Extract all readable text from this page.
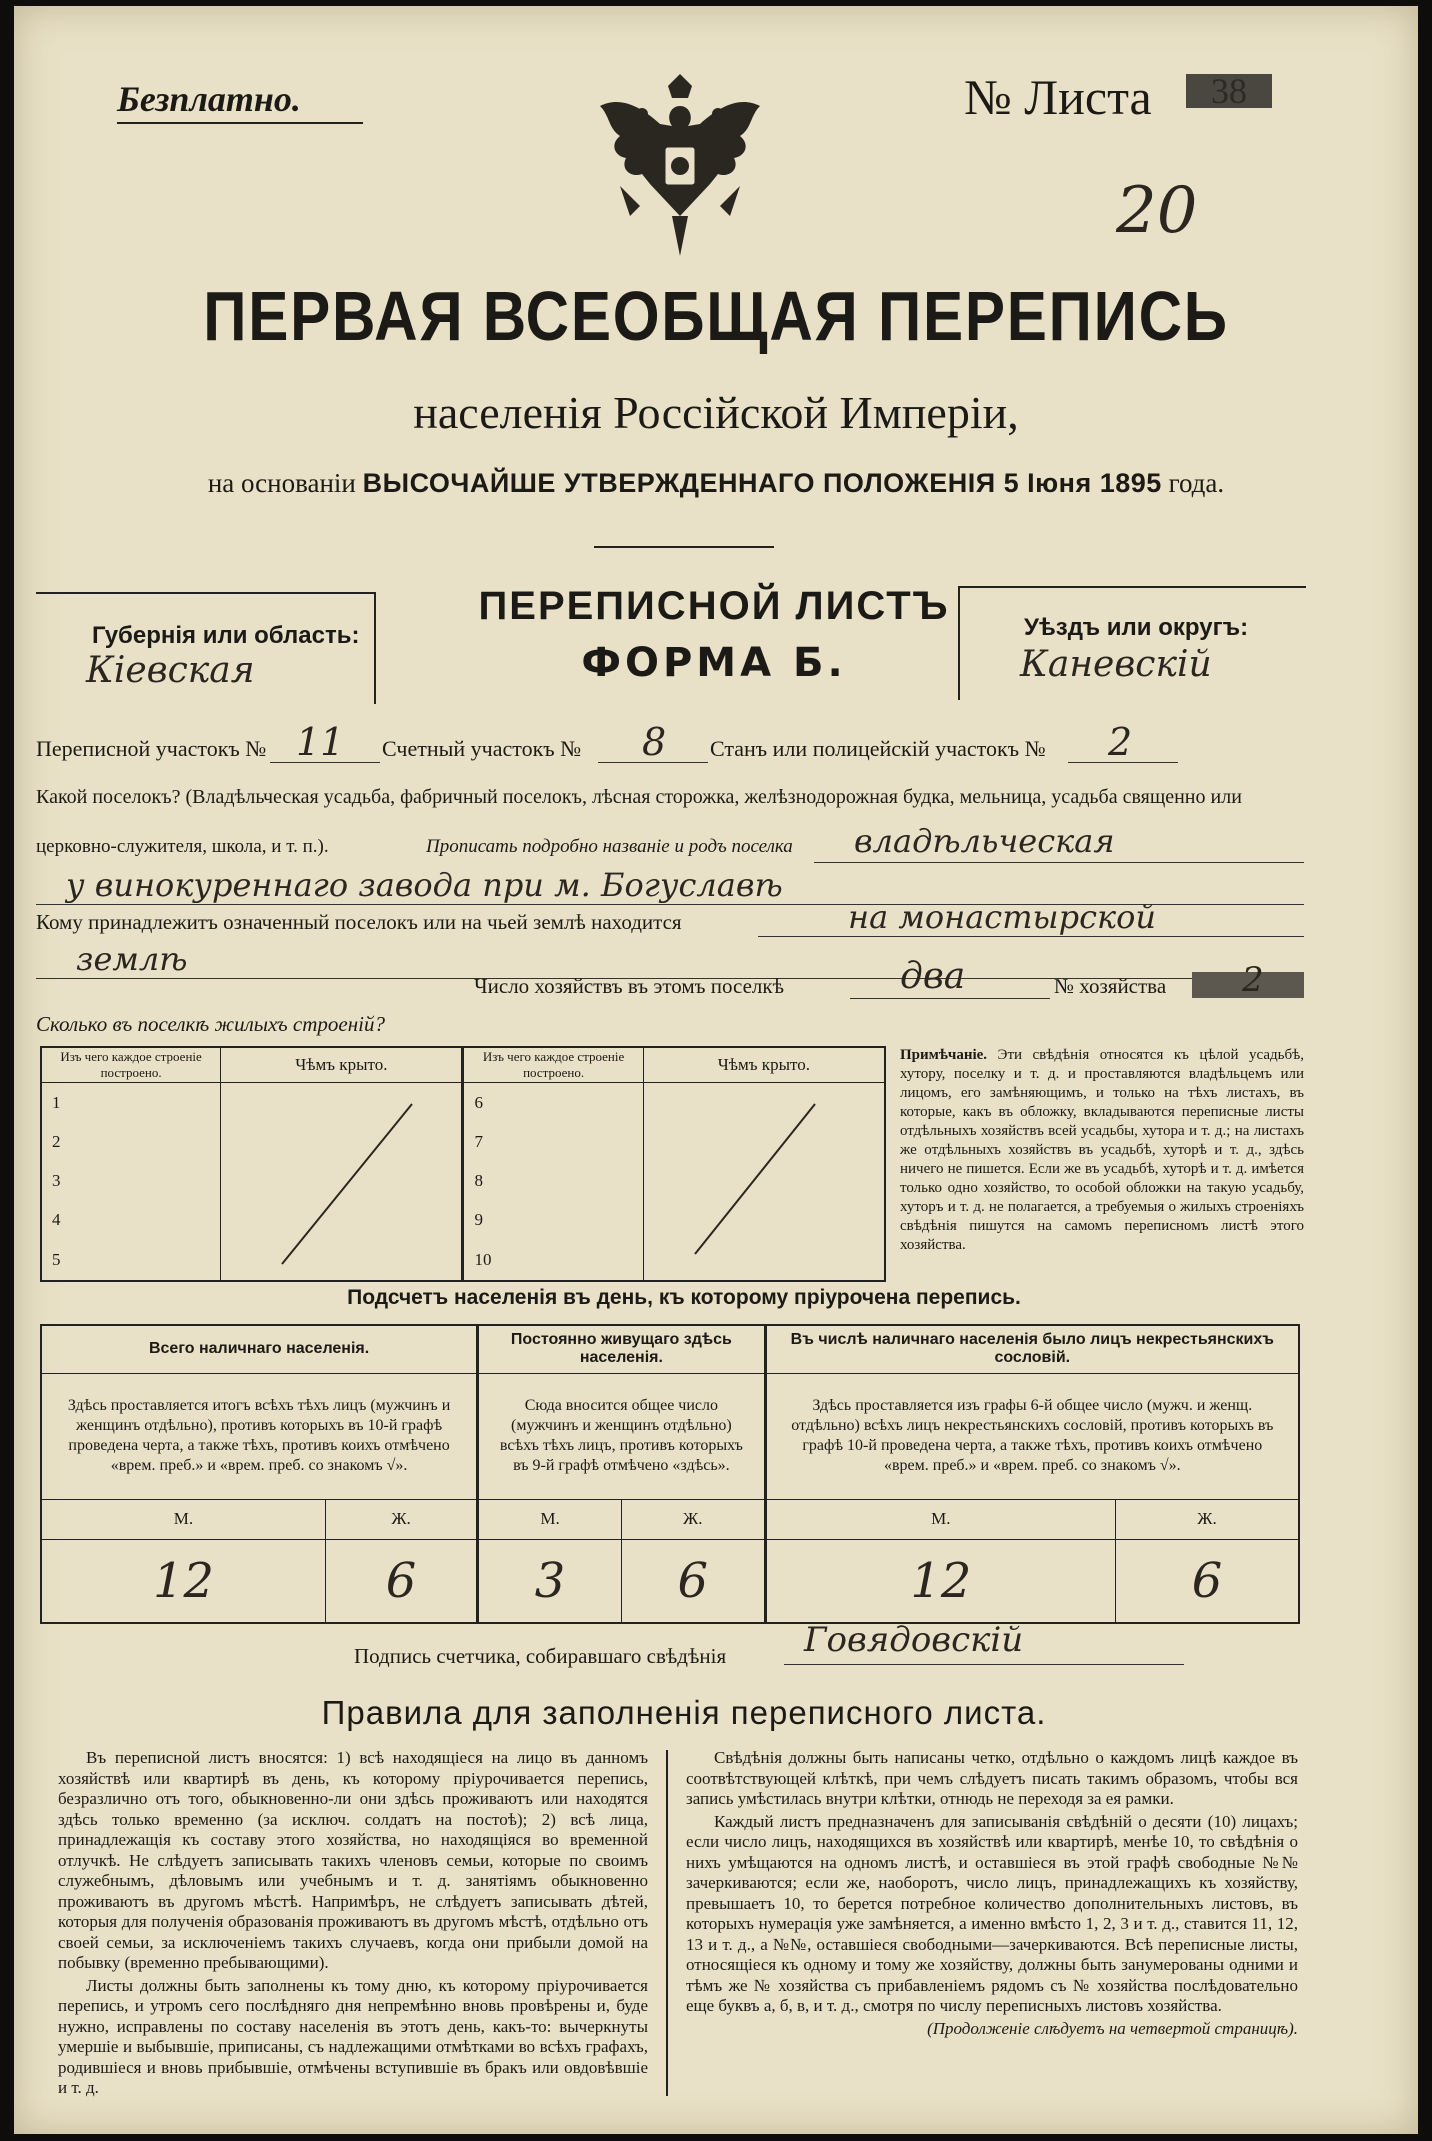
Безплатно.	№ Листа	38
20
ПЕРВАЯ ВСЕОБЩАЯ ПЕРЕПИСЬ
населенія Россійской Имперіи,
на основаніи ВЫСОЧАЙШЕ УТВЕРЖДЕННАГО ПОЛОЖЕНІЯ 5 Іюня 1895 года.
Губернія или область:
Кіевская
ПЕРЕПИСНОЙ ЛИСТЪ
ФОРМА Б.
Уѣздъ или округъ:
Каневскій
Переписной участокъ № 11 Счетный участокъ № 8 Станъ или полицейскій участокъ № 2
Какой поселокъ? (Владѣльческая усадьба, фабричный поселокъ, лѣсная сторожка, желѣзнодорожная будка, мельница, усадьба священно или
церковно-служителя, школа, и т. п.).	Прописать подробно названіе и родъ поселка владѣльческая
у винокуреннаго завода при м. Богуславѣ
Кому принадлежитъ означенный поселокъ или на чьей землѣ находится	на монастырской
землѣ
Число хозяйствъ въ этомъ поселкѣ	два	№ хозяйства 2
Сколько въ поселкѣ жилыхъ строеній?
Изъ чего каждое строеніе построено.	Чѣмъ крыто.	Изъ чего каждое строеніе построено.	Чѣмъ крыто.
1		6	
2		7	
3		8	
4		9	
5		10	
Примѣчаніе. Эти свѣдѣнія относятся къ цѣлой усадьбѣ, хутору, поселку и т. д. и проставляются владѣльцемъ или лицомъ, его замѣняющимъ, и только на тѣхъ листахъ, въ которые, какъ въ обложку, вкладываются переписные листы отдѣльныхъ хозяйствъ всей усадьбы, хутора и т. д.; на листахъ же отдѣльныхъ хозяйствъ въ усадьбѣ, хуторѣ и т. д., здѣсь ничего не пишется. Если же въ усадьбѣ, хуторѣ и т. д. имѣется только одно хозяйство, то особой обложки на такую усадьбу, хуторъ и т. д. не полагается, а требуемыя о жилыхъ строеніяхъ свѣдѣнія пишутся на самомъ переписномъ листѣ этого хозяйства.
Подсчетъ населенія въ день, къ которому пріурочена перепись.
Всего наличнаго населенія.		Постоянно живущаго здѣсь населенія.		Въ числѣ наличнаго населенія было лицъ некрестьянскихъ сословій.	
Здѣсь проставляется итогъ всѣхъ тѣхъ лицъ (мужчинъ и женщинъ отдѣльно), противъ которыхъ въ 10-й графѣ проведена черта, а также тѣхъ, противъ коихъ отмѣчено «врем. преб.» и «врем. преб. со знакомъ √».		Сюда вносится общее число (мужчинъ и женщинъ отдѣльно) всѣхъ тѣхъ лицъ, противъ которыхъ въ 9-й графѣ отмѣчено «здѣсь».		Здѣсь проставляется изъ графы 6-й общее число (мужч. и женщ. отдѣльно) всѣхъ лицъ некрестьянскихъ сословій, противъ которыхъ въ графѣ 10-й проведена черта, а также тѣхъ, противъ коихъ отмѣчено «врем. преб.» и «врем. преб. со знакомъ √».	
М.	Ж.	М.	Ж.	М.	Ж.
12	6	3	6	12	6
Подпись счетчика, собиравшаго свѣдѣнія Говядовскій
Правила для заполненія переписного листа.

Въ переписной листъ вносятся: 1) всѣ находящіеся на лицо въ данномъ хозяйствѣ или квартирѣ въ день, къ которому пріурочивается перепись, безразлично отъ того, обыкновенно-ли они здѣсь проживаютъ или находятся здѣсь только временно (за исключ. солдатъ на постоѣ); 2) всѣ лица, принадлежащія къ составу этого хозяйства, но находящіяся во временной отлучкѣ. Не слѣдуетъ записывать такихъ членовъ семьи, которые по своимъ служебнымъ, дѣловымъ или учебнымъ и т. д. занятіямъ обыкновенно проживаютъ въ другомъ мѣстѣ. Напримѣръ, не слѣдуетъ записывать дѣтей, которыя для полученія образованія проживаютъ въ другомъ мѣстѣ, отдѣльно отъ своей семьи, за исключеніемъ такихъ случаевъ, когда они прибыли домой на побывку (временно пребывающими).

Листы должны быть заполнены къ тому дню, къ которому пріурочивается перепись, и утромъ сего послѣдняго дня непремѣнно вновь провѣрены и, буде нужно, исправлены по составу населенія въ этотъ день, какъ-то: вычеркнуты умершіе и выбывшіе, приписаны, съ надлежащими отмѣтками во всѣхъ графахъ, родившіеся и вновь прибывшіе, отмѣчены вступившіе въ бракъ или овдовѣвшіе и т. д.

Свѣдѣнія должны быть написаны четко, отдѣльно о каждомъ лицѣ каждое въ соотвѣтствующей клѣткѣ, при чемъ слѣдуетъ писать такимъ образомъ, чтобы вся запись умѣстилась внутри клѣтки, отнюдь не переходя за ея рамки.

Каждый листъ предназначенъ для записыванія свѣдѣній о десяти (10) лицахъ; если число лицъ, находящихся въ хозяйствѣ или квартирѣ, менѣе 10, то свѣдѣнія о нихъ умѣщаются на одномъ листѣ, и оставшіеся въ этой графѣ свободные №№ зачеркиваются; если же, наоборотъ, число лицъ, принадлежащихъ къ хозяйству, превышаетъ 10, то берется потребное количество дополнительныхъ листовъ, въ которыхъ нумерація уже замѣняется, а именно вмѣсто 1, 2, 3 и т. д., ставится 11, 12, 13 и т. д., а №№, оставшіеся свободными—зачеркиваются. Всѣ переписные листы, относящіеся къ одному и тому же хозяйству, должны быть занумерованы одними и тѣмъ же № хозяйства съ прибавленіемъ рядомъ съ № хозяйства послѣдовательно еще буквъ а, б, в, и т. д., смотря по числу переписныхъ листовъ хозяйства.

(Продолженіе слѣдуетъ на четвертой страницѣ).
